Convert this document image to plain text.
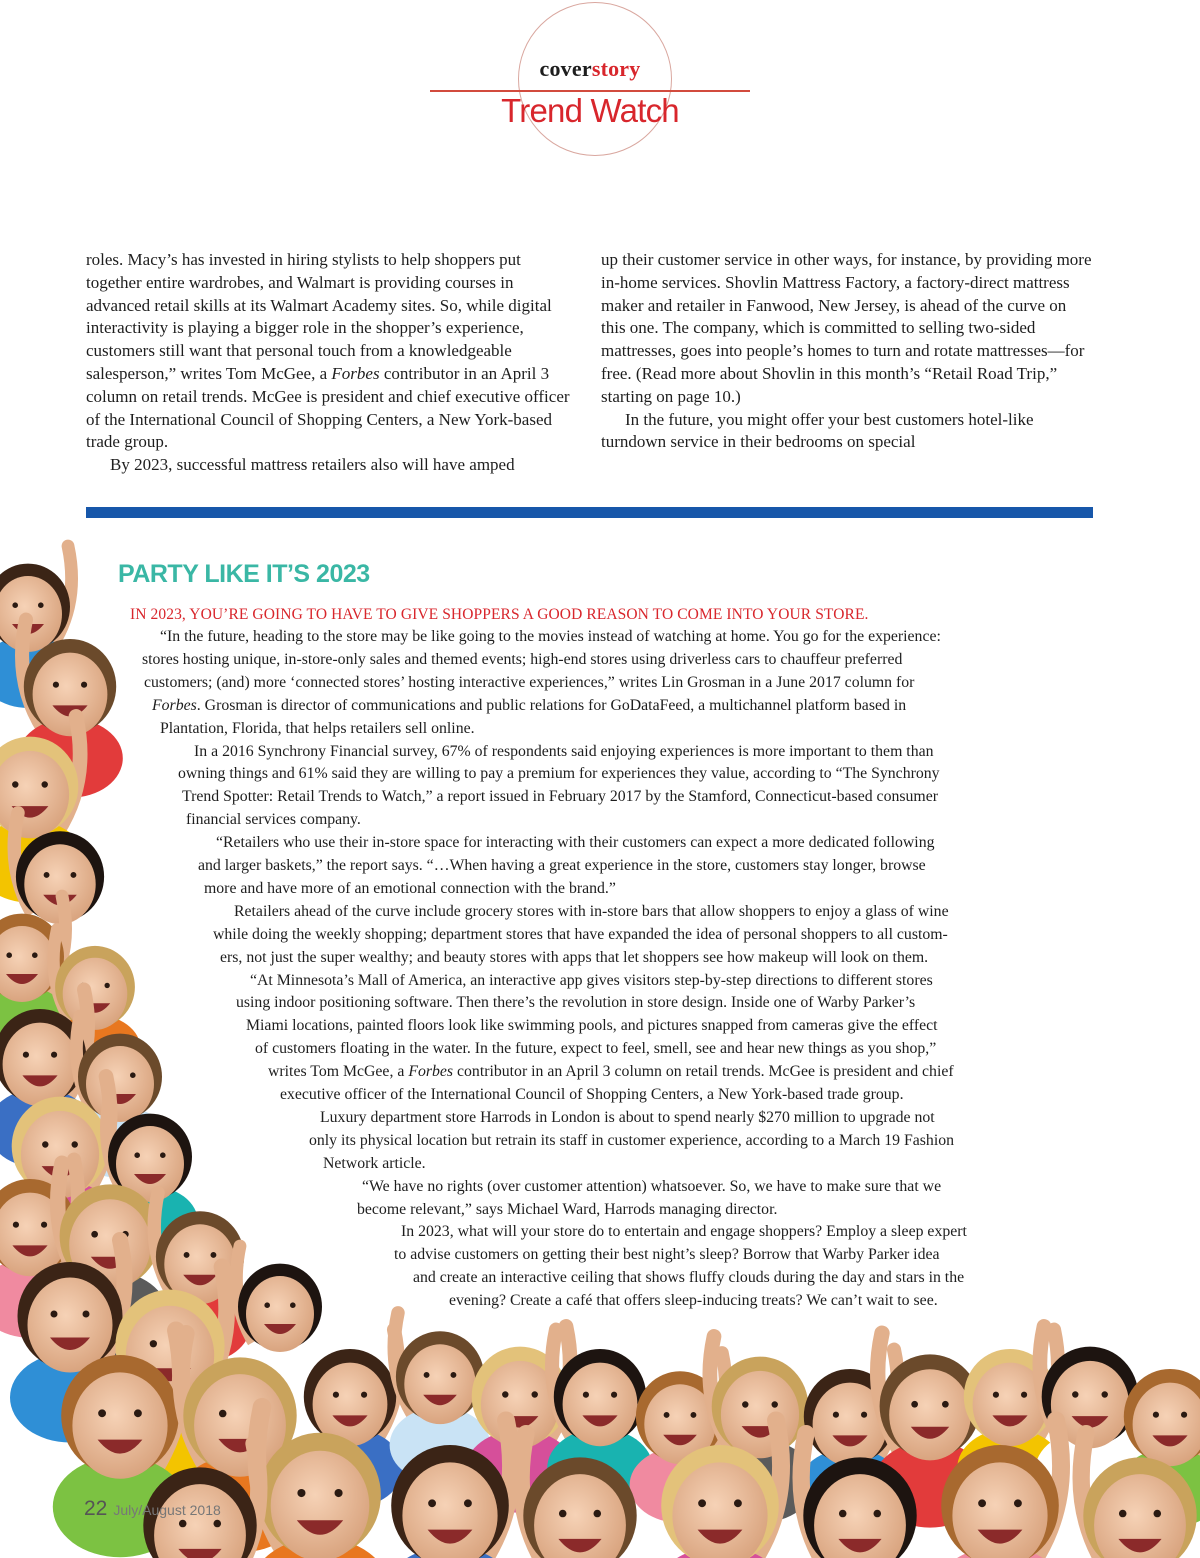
coverstory
Trend Watch

roles. Macy’s has invested in hiring stylists to help shoppers put together entire wardrobes, and Walmart is providing courses in advanced retail skills at its Walmart Academy sites. So, while digital interactivity is playing a bigger role in the shopper’s experience, customers still want that personal touch from a knowledgeable salesperson,” writes Tom McGee, a Forbes contributor in an April 3 column on retail trends. McGee is president and chief executive officer of the International Council of Shopping Centers, a New York-based trade group.

By 2023, successful mattress retailers also will have amped

up their customer service in other ways, for instance, by providing more in-home services. Shovlin Mattress Factory, a factory-direct mattress maker and retailer in Fanwood, New Jersey, is ahead of the curve on this one. The company, which is committed to selling two-sided mattresses, goes into people’s homes to turn and rotate mattresses—for free. (Read more about Shovlin in this month’s “Retail Road Trip,” starting on page 10.)

In the future, you might offer your best customers hotel-like turndown service in their bedrooms on special

PARTY LIKE IT’S 2023
IN 2023, YOU’RE GOING TO HAVE TO GIVE SHOPPERS A GOOD REASON TO COME INTO YOUR STORE.
“In the future, heading to the store may be like going to the movies instead of watching at home. You go for the experience:
stores hosting unique, in-store-only sales and themed events; high-end stores using driverless cars to chauffeur preferred
customers; (and) more ‘connected stores’ hosting interactive experiences,” writes Lin Grosman in a June 2017 column for
Forbes. Grosman is director of communications and public relations for GoDataFeed, a multichannel platform based in
Plantation, Florida, that helps retailers sell online.
In a 2016 Synchrony Financial survey, 67% of respondents said enjoying experiences is more important to them than
owning things and 61% said they are willing to pay a premium for experiences they value, according to “The Synchrony
Trend Spotter: Retail Trends to Watch,” a report issued in February 2017 by the Stamford, Connecticut-based consumer
financial services company.
“Retailers who use their in-store space for interacting with their customers can expect a more dedicated following
and larger baskets,” the report says. “…When having a great experience in the store, customers stay longer, browse
more and have more of an emotional connection with the brand.”
Retailers ahead of the curve include grocery stores with in-store bars that allow shoppers to enjoy a glass of wine
while doing the weekly shopping; department stores that have expanded the idea of personal shoppers to all custom-
ers, not just the super wealthy; and beauty stores with apps that let shoppers see how makeup will look on them.
“At Minnesota’s Mall of America, an interactive app gives visitors step-by-step directions to different stores
using indoor positioning software. Then there’s the revolution in store design. Inside one of Warby Parker’s
Miami locations, painted floors look like swimming pools, and pictures snapped from cameras give the effect
of customers floating in the water. In the future, expect to feel, smell, see and hear new things as you shop,”
writes Tom McGee, a Forbes contributor in an April 3 column on retail trends. McGee is president and chief
executive officer of the International Council of Shopping Centers, a New York-based trade group.
Luxury department store Harrods in London is about to spend nearly $270 million to upgrade not
only its physical location but retrain its staff in customer experience, according to a March 19 Fashion
Network article.
“We have no rights (over customer attention) whatsoever. So, we have to make sure that we
become relevant,” says Michael Ward, Harrods managing director.
In 2023, what will your store do to entertain and engage shoppers? Employ a sleep expert
to advise customers on getting their best night’s sleep? Borrow that Warby Parker idea
and create an interactive ceiling that shows fluffy clouds during the day and stars in the
evening? Create a café that offers sleep-inducing treats? We can’t wait to see.
22 July/August 2018
